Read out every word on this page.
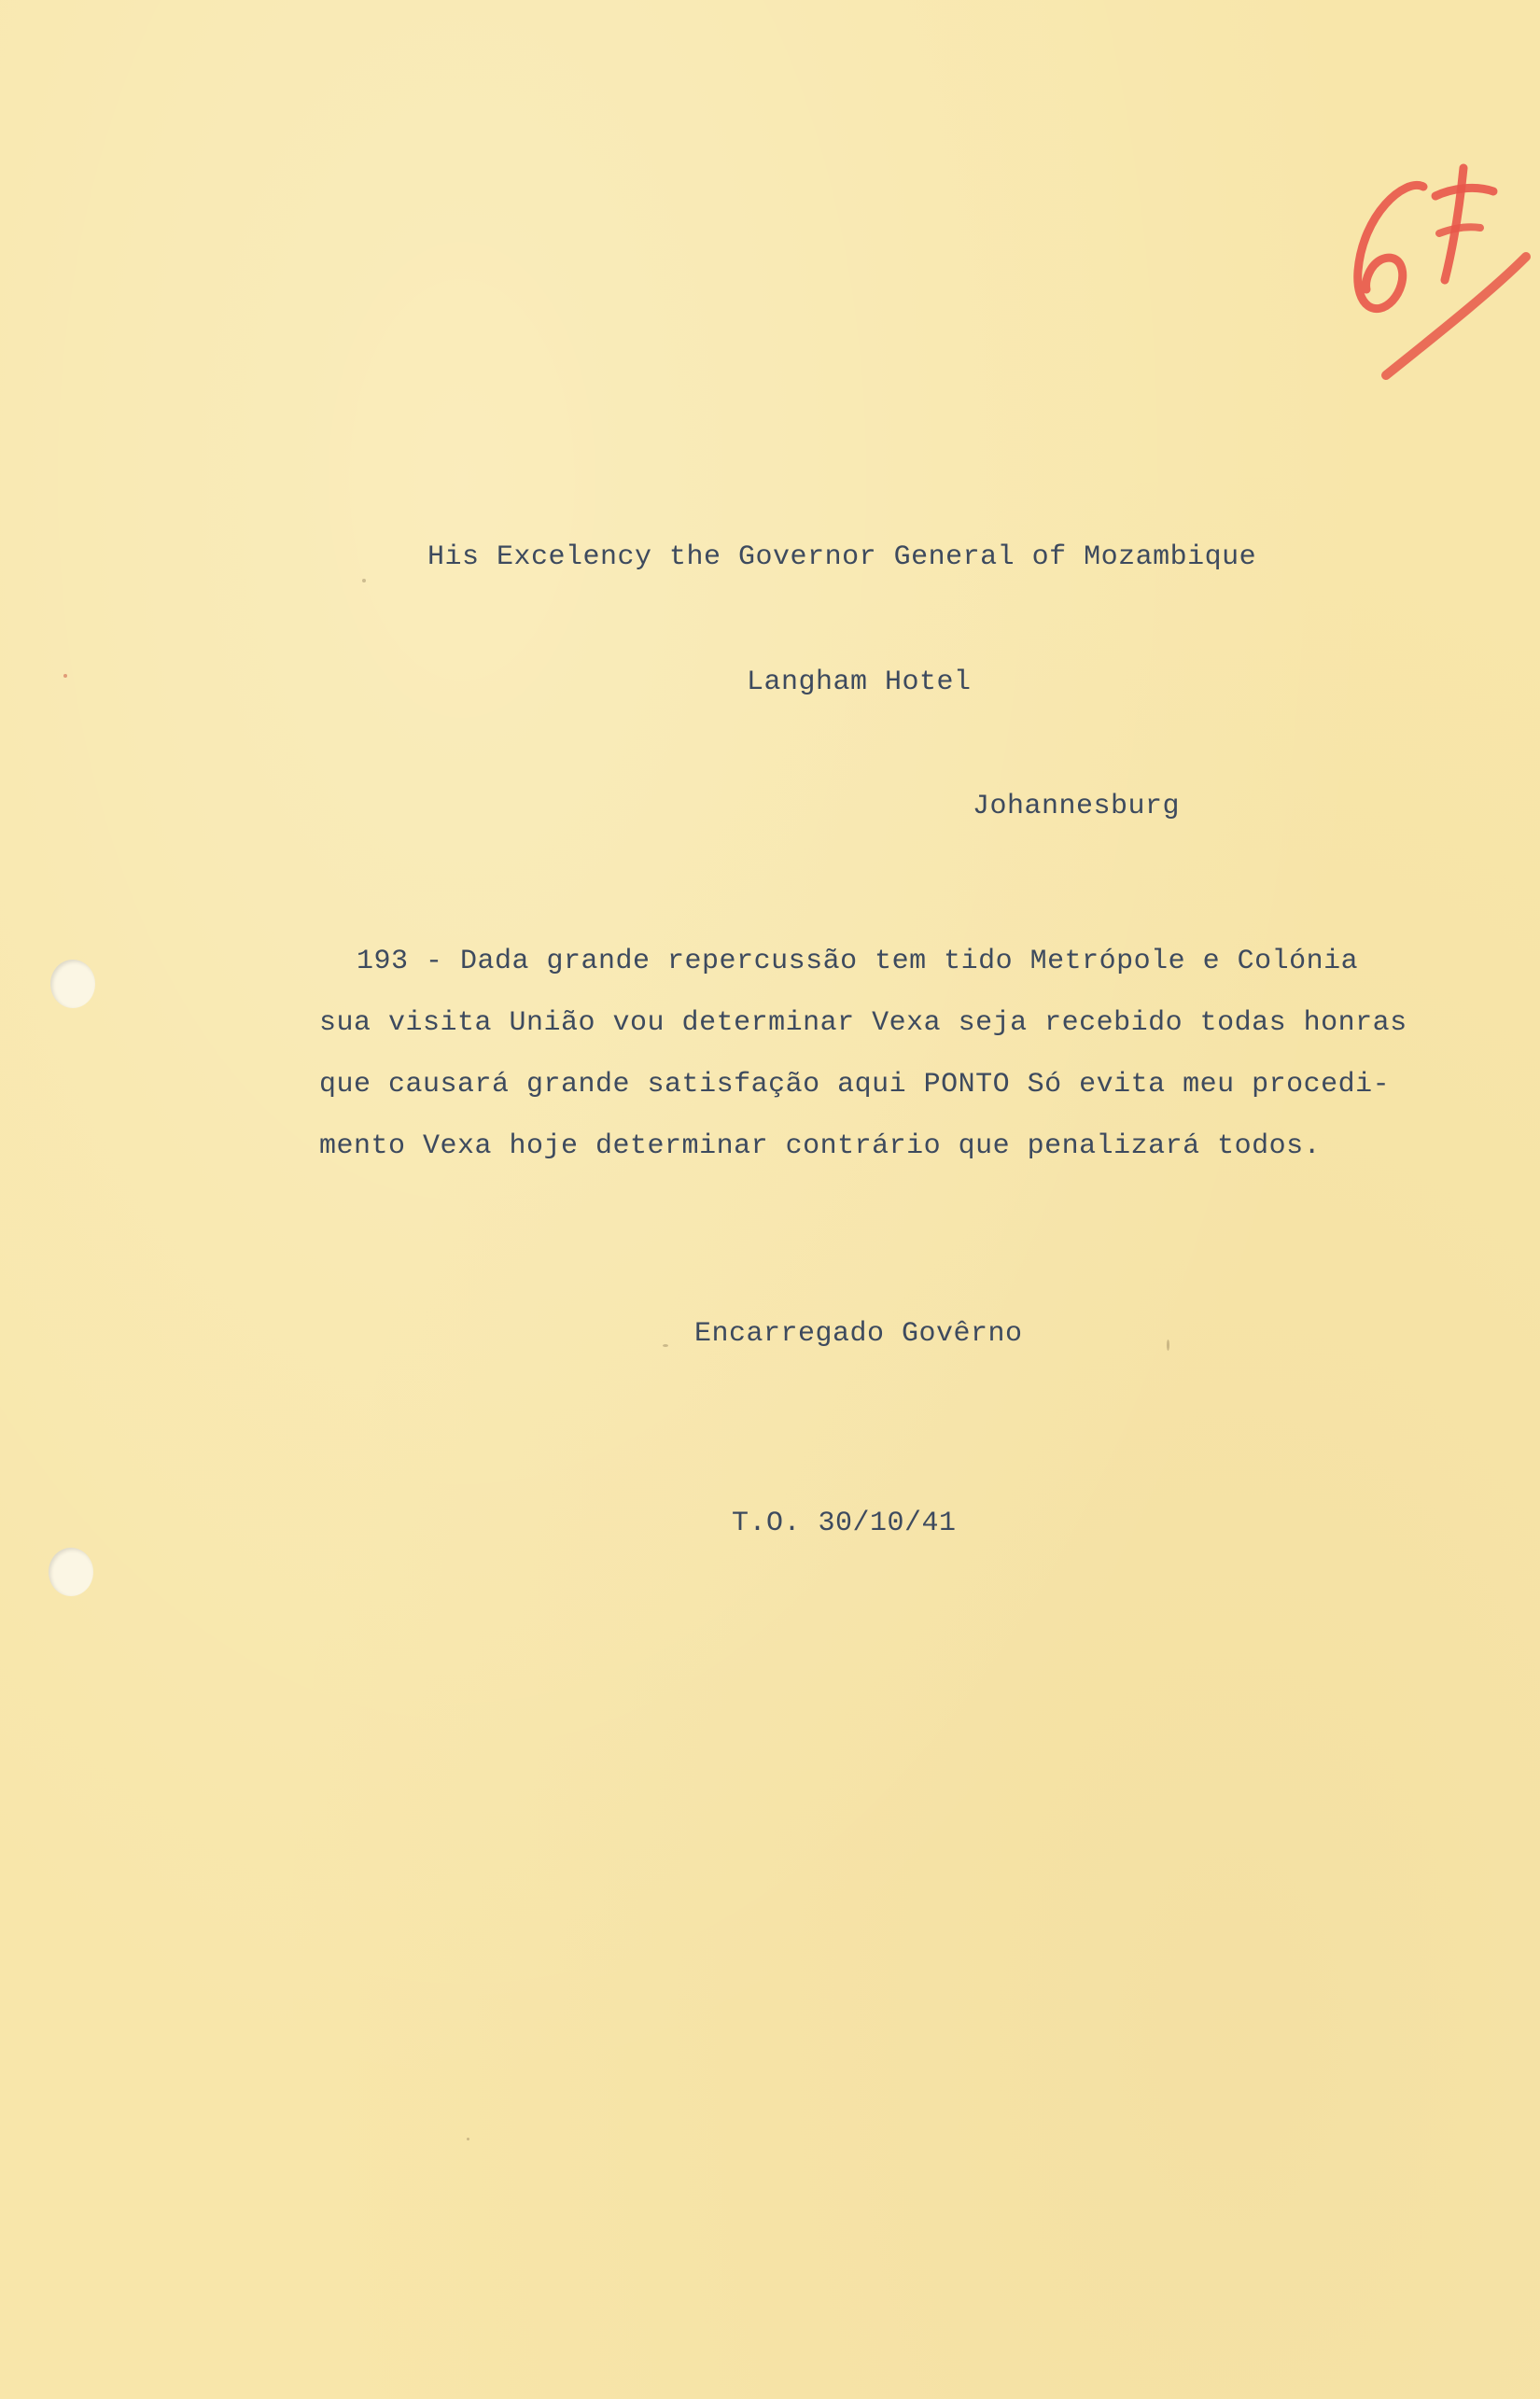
His Excelency the Governor General of Mozambique

Langham Hotel

Johannesburg

193 - Dada grande repercussão tem tido Metrópole e Colónia
sua visita União vou determinar Vexa seja recebido todas honras
que causará grande satisfação aqui PONTO Só evita meu procedi-
mento Vexa hoje determinar contrário que penalizará todos.

Encarregado Govêrno

T.O. 30/10/41
